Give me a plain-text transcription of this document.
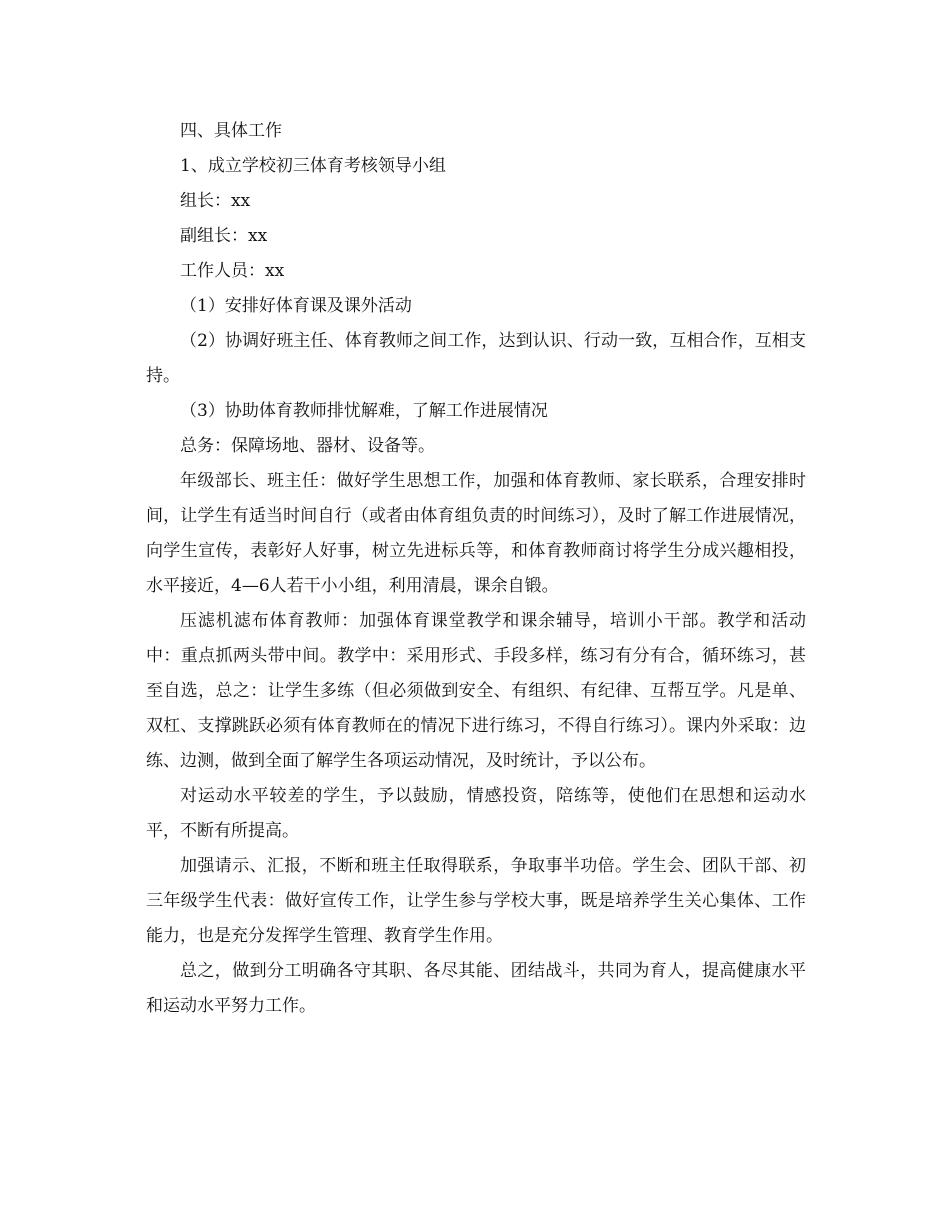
四、具体工作

1、成立学校初三体育考核领导小组

组长：xx

副组长：xx

工作人员：xx

（1）安排好体育课及课外活动

（2）协调好班主任、体育教师之间工作，达到认识、行动一致，互相合作，互相支持。

（3）协助体育教师排忧解难，了解工作进展情况

总务：保障场地、器材、设备等。

年级部长、班主任：做好学生思想工作，加强和体育教师、家长联系，合理安排时间，让学生有适当时间自行（或者由体育组负责的时间练习），及时了解工作进展情况，向学生宣传，表彰好人好事，树立先进标兵等，和体育教师商讨将学生分成兴趣相投，水平接近，4—6人若干小小组，利用清晨，课余自锻。

压滤机滤布体育教师：加强体育课堂教学和课余辅导，培训小干部。教学和活动中：重点抓两头带中间。教学中：采用形式、手段多样，练习有分有合，循环练习，甚至自选，总之：让学生多练（但必须做到安全、有组织、有纪律、互帮互学。凡是单、双杠、支撑跳跃必须有体育教师在的情况下进行练习，不得自行练习）。课内外采取：边练、边测，做到全面了解学生各项运动情况，及时统计，予以公布。

对运动水平较差的学生，予以鼓励，情感投资，陪练等，使他们在思想和运动水平，不断有所提高。

加强请示、汇报，不断和班主任取得联系，争取事半功倍。学生会、团队干部、初三年级学生代表：做好宣传工作，让学生参与学校大事，既是培养学生关心集体、工作能力，也是充分发挥学生管理、教育学生作用。

总之，做到分工明确各守其职、各尽其能、团结战斗，共同为育人，提高健康水平和运动水平努力工作。
